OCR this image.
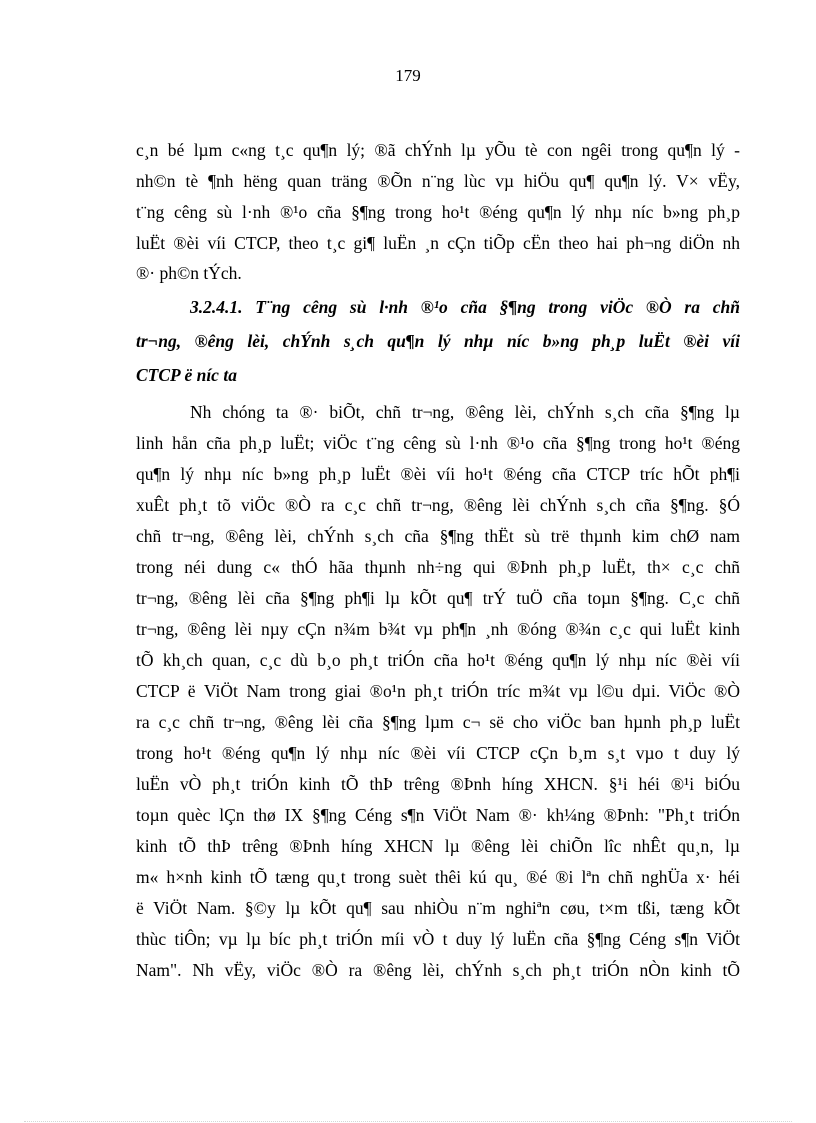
179
c¸n bé lµm c«ng t¸c qu¶n lý; ®ã chÝnh lµ yÕu tè con ngêi trong qu¶n lý -
nh©n tè ¶nh hëng quan träng ®Õn n¨ng lùc vµ hiÖu qu¶ qu¶n lý. V× vËy,
t¨ng cêng sù l·nh ®¹o cña §¶ng trong ho¹t ®éng qu¶n lý nhµ níc b»ng ph¸p
luËt ®èi víi CTCP, theo t¸c gi¶ luËn ¸n cÇn tiÕp cËn theo hai ph¬ng diÖn nh
®· ph©n tÝch.
3.2.4.1. T¨ng cêng sù l·nh ®¹o cña §¶ng trong viÖc ®Ò ra chñ
tr¬ng, ®êng lèi, chÝnh s¸ch qu¶n lý nhµ níc b»ng ph¸p luËt ®èi víi
CTCP ë níc ta
Nh chóng ta ®· biÕt, chñ tr¬ng, ®êng lèi, chÝnh s¸ch cña §¶ng lµ
linh hån cña ph¸p luËt; viÖc t¨ng cêng sù l·nh ®¹o cña §¶ng trong ho¹t ®éng
qu¶n lý nhµ níc b»ng ph¸p luËt ®èi víi ho¹t ®éng cña CTCP tríc hÕt ph¶i
xuÊt ph¸t tõ viÖc ®Ò ra c¸c chñ tr¬ng, ®êng lèi chÝnh s¸ch cña §¶ng. §Ó
chñ tr¬ng, ®êng lèi, chÝnh s¸ch cña §¶ng thËt sù trë thµnh kim chØ nam
trong néi dung c« thÓ hãa thµnh nh÷ng qui ®Þnh ph¸p luËt, th× c¸c chñ
tr¬ng, ®êng lèi cña §¶ng ph¶i lµ kÕt qu¶ trÝ tuÖ cña toµn §¶ng. C¸c chñ
tr¬ng, ®êng lèi nµy cÇn n¾m b¾t vµ ph¶n ¸nh ®óng ®¾n c¸c qui luËt kinh
tÕ kh¸ch quan, c¸c dù b¸o ph¸t triÓn cña ho¹t ®éng qu¶n lý nhµ níc ®èi víi
CTCP ë ViÖt Nam trong giai ®o¹n ph¸t triÓn tríc m¾t vµ l©u dµi. ViÖc ®Ò
ra c¸c chñ tr¬ng, ®êng lèi cña §¶ng lµm c¬ së cho viÖc ban hµnh ph¸p luËt
trong ho¹t ®éng qu¶n lý nhµ níc ®èi víi CTCP cÇn b¸m s¸t vµo t duy lý
luËn vÒ ph¸t triÓn kinh tÕ thÞ trêng ®Þnh híng XHCN. §¹i héi ®¹i biÓu
toµn quèc lÇn thø IX §¶ng Céng s¶n ViÖt Nam ®· kh¼ng ®Þnh: "Ph¸t triÓn
kinh tÕ thÞ trêng ®Þnh híng XHCN lµ ®êng lèi chiÕn lîc nhÊt qu¸n, lµ
m« h×nh kinh tÕ tæng qu¸t trong suèt thêi kú qu¸ ®é ®i lªn chñ nghÜa x· héi
ë ViÖt Nam. §©y lµ kÕt qu¶ sau nhiÒu n¨m nghiªn cøu, t×m tßi, tæng kÕt
thùc tiÔn; vµ lµ bíc ph¸t triÓn míi vÒ t duy lý luËn cña §¶ng Céng s¶n ViÖt
Nam". Nh vËy, viÖc ®Ò ra ®êng lèi, chÝnh s¸ch ph¸t triÓn nÒn kinh tÕ
